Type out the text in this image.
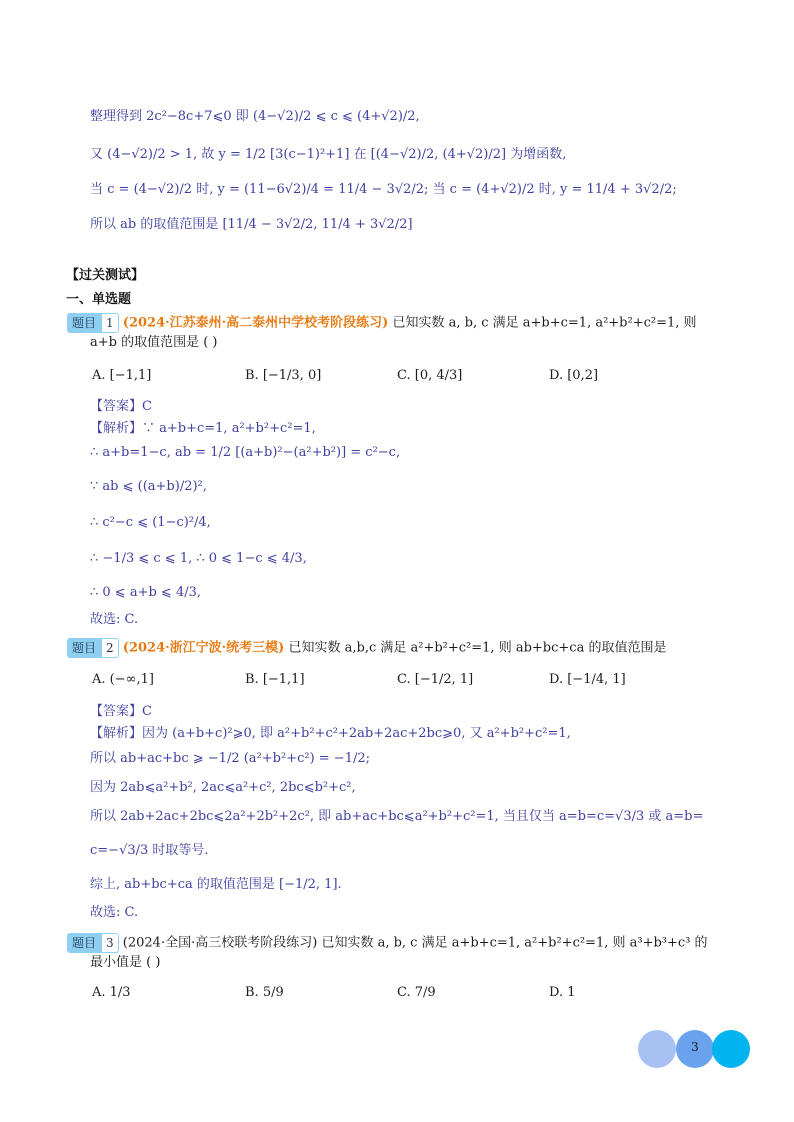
整理得到 2c²−8c+7⩽0 即 (4−√2)/2 ⩽ c ⩽ (4+√2)/2,
又 (4−√2)/2 > 1, 故 y = 1/2 [3(c−1)²+1] 在 [(4−√2)/2, (4+√2)/2] 为增函数,
当 c = (4−√2)/2 时, y = (11−6√2)/4 = 11/4 − 3√2/2; 当 c = (4+√2)/2 时, y = 11/4 + 3√2/2;
所以 ab 的取值范围是 [11/4 − 3√2/2, 11/4 + 3√2/2]
【过关测试】
一、单选题
题目 1 (2024·江苏泰州·高二泰州中学校考阶段练习) 已知实数 a, b, c 满足 a+b+c=1, a²+b²+c²=1, 则
a+b 的取值范围是 ( )
A. [−1,1]	B. [−1/3, 0]	C. [0, 4/3]	D. [0,2]
【答案】C
【解析】∵ a+b+c=1, a²+b²+c²=1,
∴ a+b=1−c, ab = 1/2 [(a+b)²−(a²+b²)] = c²−c,
∵ ab ⩽ ((a+b)/2)²,
∴ c²−c ⩽ (1−c)²/4,
∴ −1/3 ⩽ c ⩽ 1, ∴ 0 ⩽ 1−c ⩽ 4/3,
∴ 0 ⩽ a+b ⩽ 4/3,
故选: C.
题目 2 (2024·浙江宁波·统考三模) 已知实数 a,b,c 满足 a²+b²+c²=1, 则 ab+bc+ca 的取值范围是
A. (−∞,1]	B. [−1,1]	C. [−1/2, 1]	D. [−1/4, 1]
【答案】C
【解析】因为 (a+b+c)²⩾0, 即 a²+b²+c²+2ab+2ac+2bc⩾0, 又 a²+b²+c²=1,
所以 ab+ac+bc ⩾ −1/2 (a²+b²+c²) = −1/2;
因为 2ab⩽a²+b², 2ac⩽a²+c², 2bc⩽b²+c²,
所以 2ab+2ac+2bc⩽2a²+2b²+2c², 即 ab+ac+bc⩽a²+b²+c²=1, 当且仅当 a=b=c=√3/3 或 a=b=
c=−√3/3 时取等号.
综上, ab+bc+ca 的取值范围是 [−1/2, 1].
故选: C.
题目 3 (2024·全国·高三校联考阶段练习) 已知实数 a, b, c 满足 a+b+c=1, a²+b²+c²=1, 则 a³+b³+c³ 的
最小值是 ( )
A. 1/3	B. 5/9	C. 7/9	D. 1
3
